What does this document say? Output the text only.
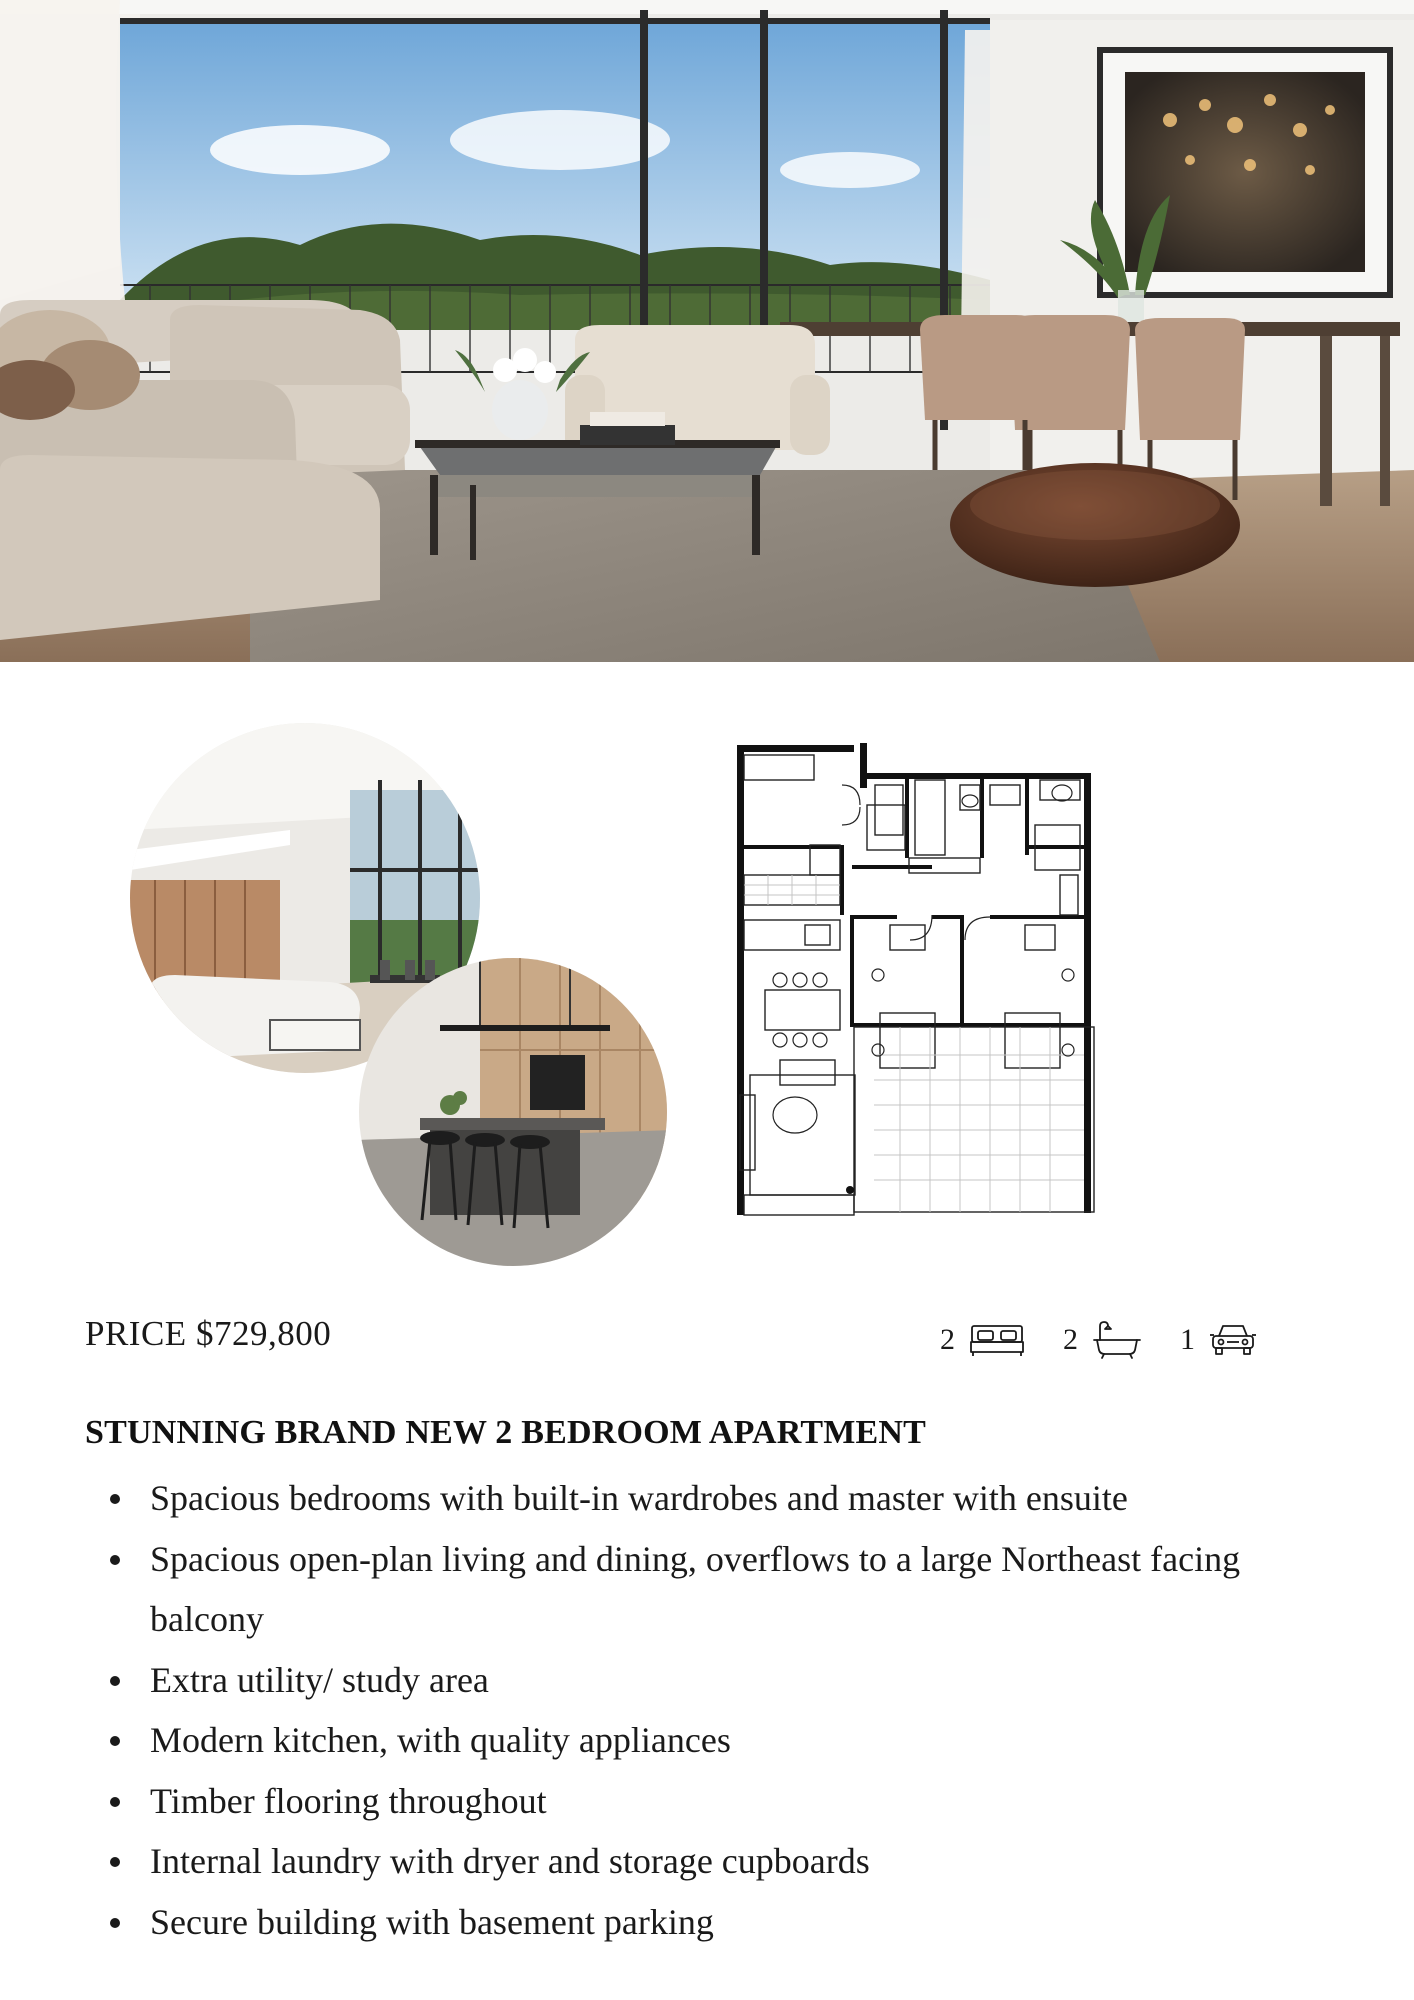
PRICE $729,800	2	2	1
STUNNING BRAND NEW 2 BEDROOM APARTMENT
Spacious bedrooms with built-in wardrobes and master with ensuite
Spacious open-plan living and dining, overflows to a large Northeast facing balcony
Extra utility/ study area
Modern kitchen, with quality appliances
Timber flooring throughout
Internal laundry with dryer and storage cupboards
Secure building with basement parking
